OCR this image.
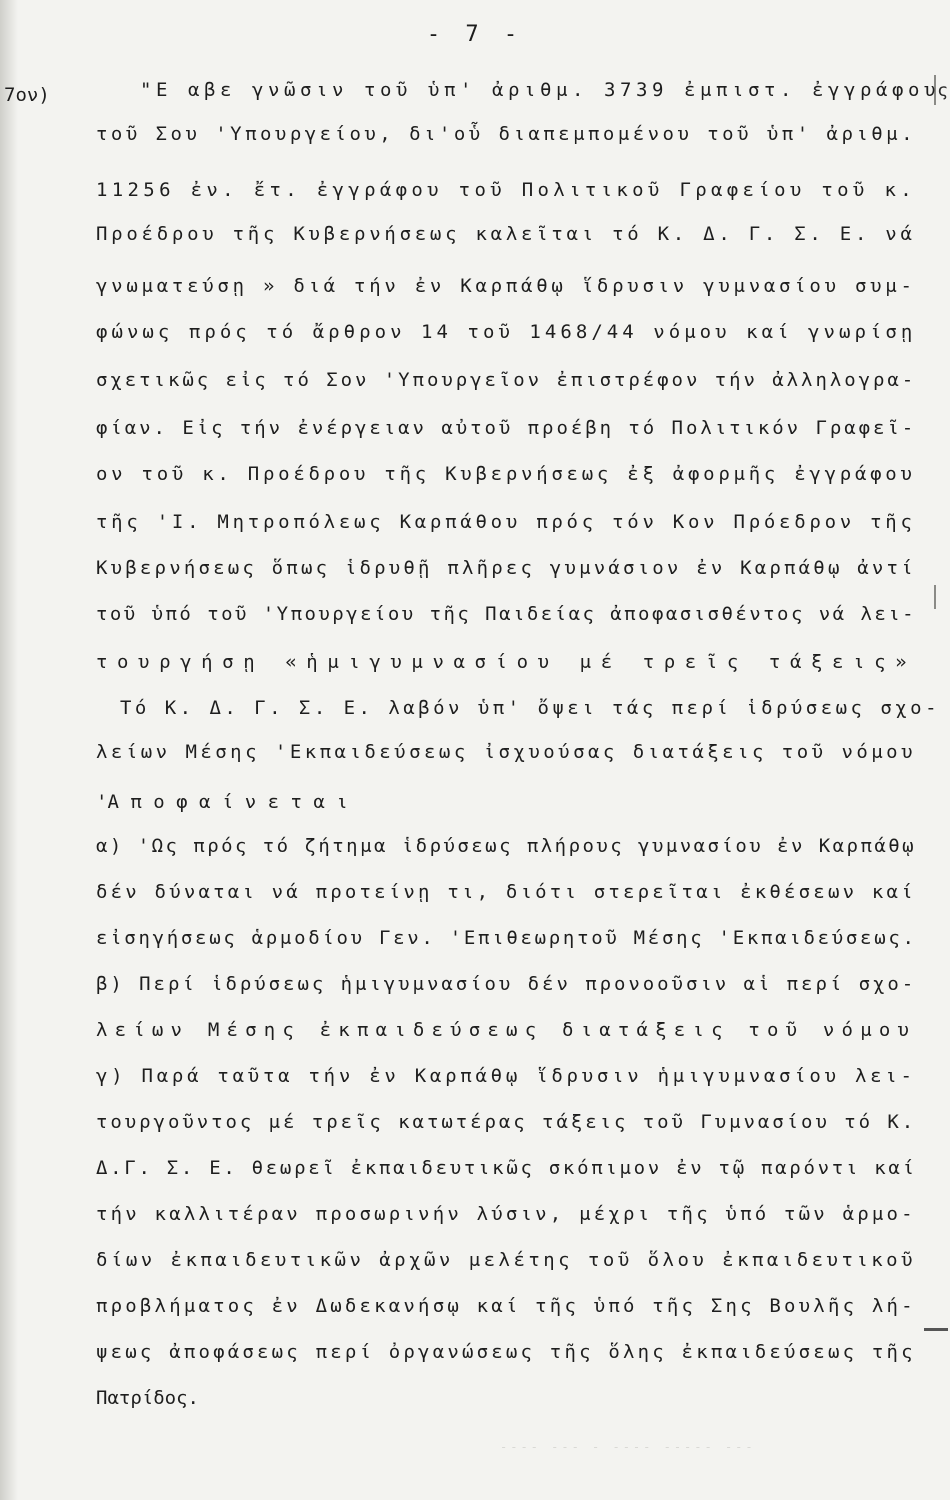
- 7 -
7ον)	ς
"Ε αβε γνῶσιν τοῦ ὑπ' ἀριθμ. 3739 ἐμπιστ. ἐγγράφου
τοῦ Σου 'Υπουργείου, δι'οὗ διαπεμπομένου τοῦ ὑπ' ἀριθμ.
11256 ἐν. ἔτ. ἐγγράφου τοῦ Πολιτικοῦ Γραφείου τοῦ κ.
Προέδρου τῆς Κυβερνήσεως καλεῖται τό Κ. Δ. Γ. Σ. Ε. νά
γνωματεύσῃ » διά τήν ἐν Καρπάθῳ ἵδρυσιν γυμνασίου συμ-
φώνως πρός τό ἄρθρον 14 τοῦ 1468/44 νόμου καί γνωρίσῃ
σχετικῶς εἰς τό Σον 'Υπουργεῖον ἐπιστρέφον τήν ἀλληλογρα-
φίαν. Εἰς τήν ἐνέργειαν αὐτοῦ προέβη τό Πολιτικόν Γραφεῖ-
ον τοῦ κ. Προέδρου τῆς Κυβερνήσεως ἐξ ἀφορμῆς ἐγγράφου
τῆς 'Ι. Μητροπόλεως Καρπάθου πρός τόν Κον Πρόεδρον τῆς
Κυβερνήσεως ὅπως ἱδρυθῇ πλῆρες γυμνάσιον ἐν Καρπάθῳ ἀντί
τοῦ ὑπό τοῦ 'Υπουργείου τῆς Παιδείας ἀποφασισθέντος νά λει-
τουργήσῃ «ἡμιγυμνασίου μέ τρεῖς τάξεις»
Τό Κ. Δ. Γ. Σ. Ε. λαβόν ὑπ' ὄψει τάς περί ἱδρύσεως σχο-
λείων Μέσης 'Εκπαιδεύσεως ἰσχυούσας διατάξεις τοῦ νόμου
'Α π ο φ α ί ν ε τ α ι
α) 'Ως πρός τό ζήτημα ἱδρύσεως πλήρους γυμνασίου ἐν Καρπάθῳ
δέν δύναται νά προτείνῃ τι, διότι στερεῖται ἐκθέσεων καί
εἰσηγήσεως ἁρμοδίου Γεν. 'Επιθεωρητοῦ Μέσης 'Εκπαιδεύσεως.
β) Περί ἱδρύσεως ἡμιγυμνασίου δέν προνοοῦσιν αἱ περί σχο-
λείων Μέσης ἐκπαιδεύσεως διατάξεις τοῦ νόμου
γ) Παρά ταῦτα τήν ἐν Καρπάθῳ ἵδρυσιν ἡμιγυμνασίου λει-
τουργοῦντος μέ τρεῖς κατωτέρας τάξεις τοῦ Γυμνασίου τό Κ.
Δ.Γ. Σ. Ε. θεωρεῖ ἐκπαιδευτικῶς σκόπιμον ἐν τῷ παρόντι καί
τήν καλλιτέραν προσωρινήν λύσιν, μέχρι τῆς ὑπό τῶν ἁρμο-
δίων ἐκπαιδευτικῶν ἀρχῶν μελέτης τοῦ ὅλου ἐκπαιδευτικοῦ
προβλήματος ἐν Δωδεκανήσῳ καί τῆς ὑπό τῆς Σης Βουλῆς λή-
ψεως ἀποφάσεως περί ὀργανώσεως τῆς ὅλης ἐκπαιδεύσεως τῆς
Πατρίδος.
---- --- - ---- ----- ---
